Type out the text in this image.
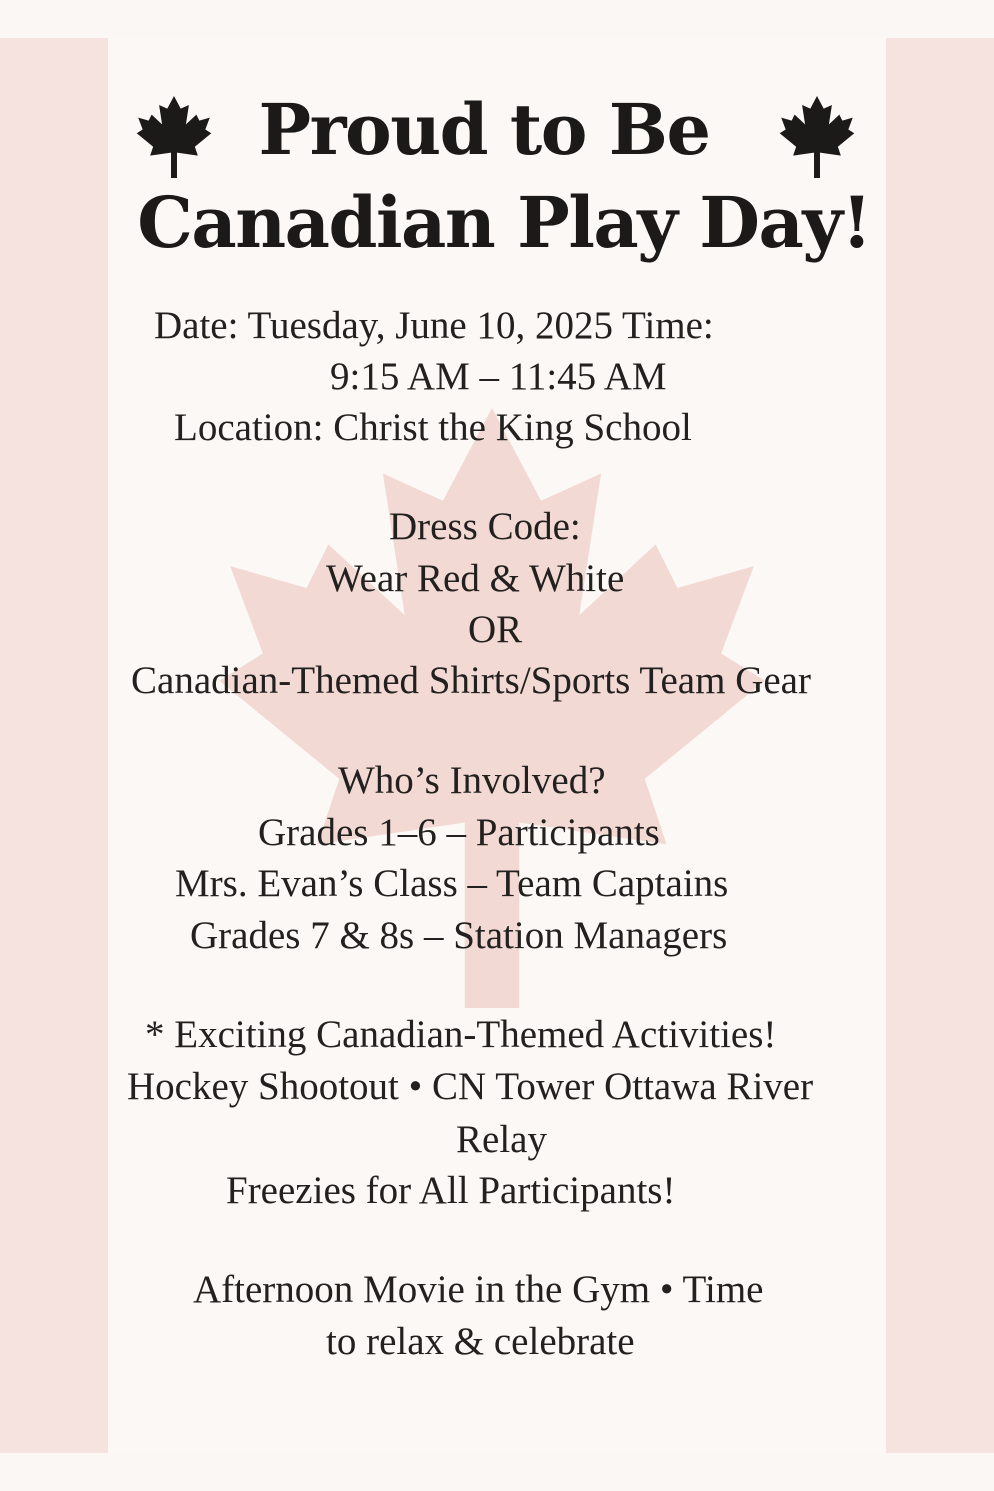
Proud to Be
Canadian Play Day!

Date: Tuesday, June 10, 2025 Time:

9:15 AM – 11:45 AM

Location: Christ the King School

Dress Code:

Wear Red & White

OR

Canadian-Themed Shirts/Sports Team Gear

Who’s Involved?

Grades 1–6 – Participants

Mrs. Evan’s Class – Team Captains

Grades 7 & 8s – Station Managers

* Exciting Canadian-Themed Activities!

Hockey Shootout • CN Tower Ottawa River

Relay

Freezies for All Participants!

Afternoon Movie in the Gym • Time

to relax & celebrate
